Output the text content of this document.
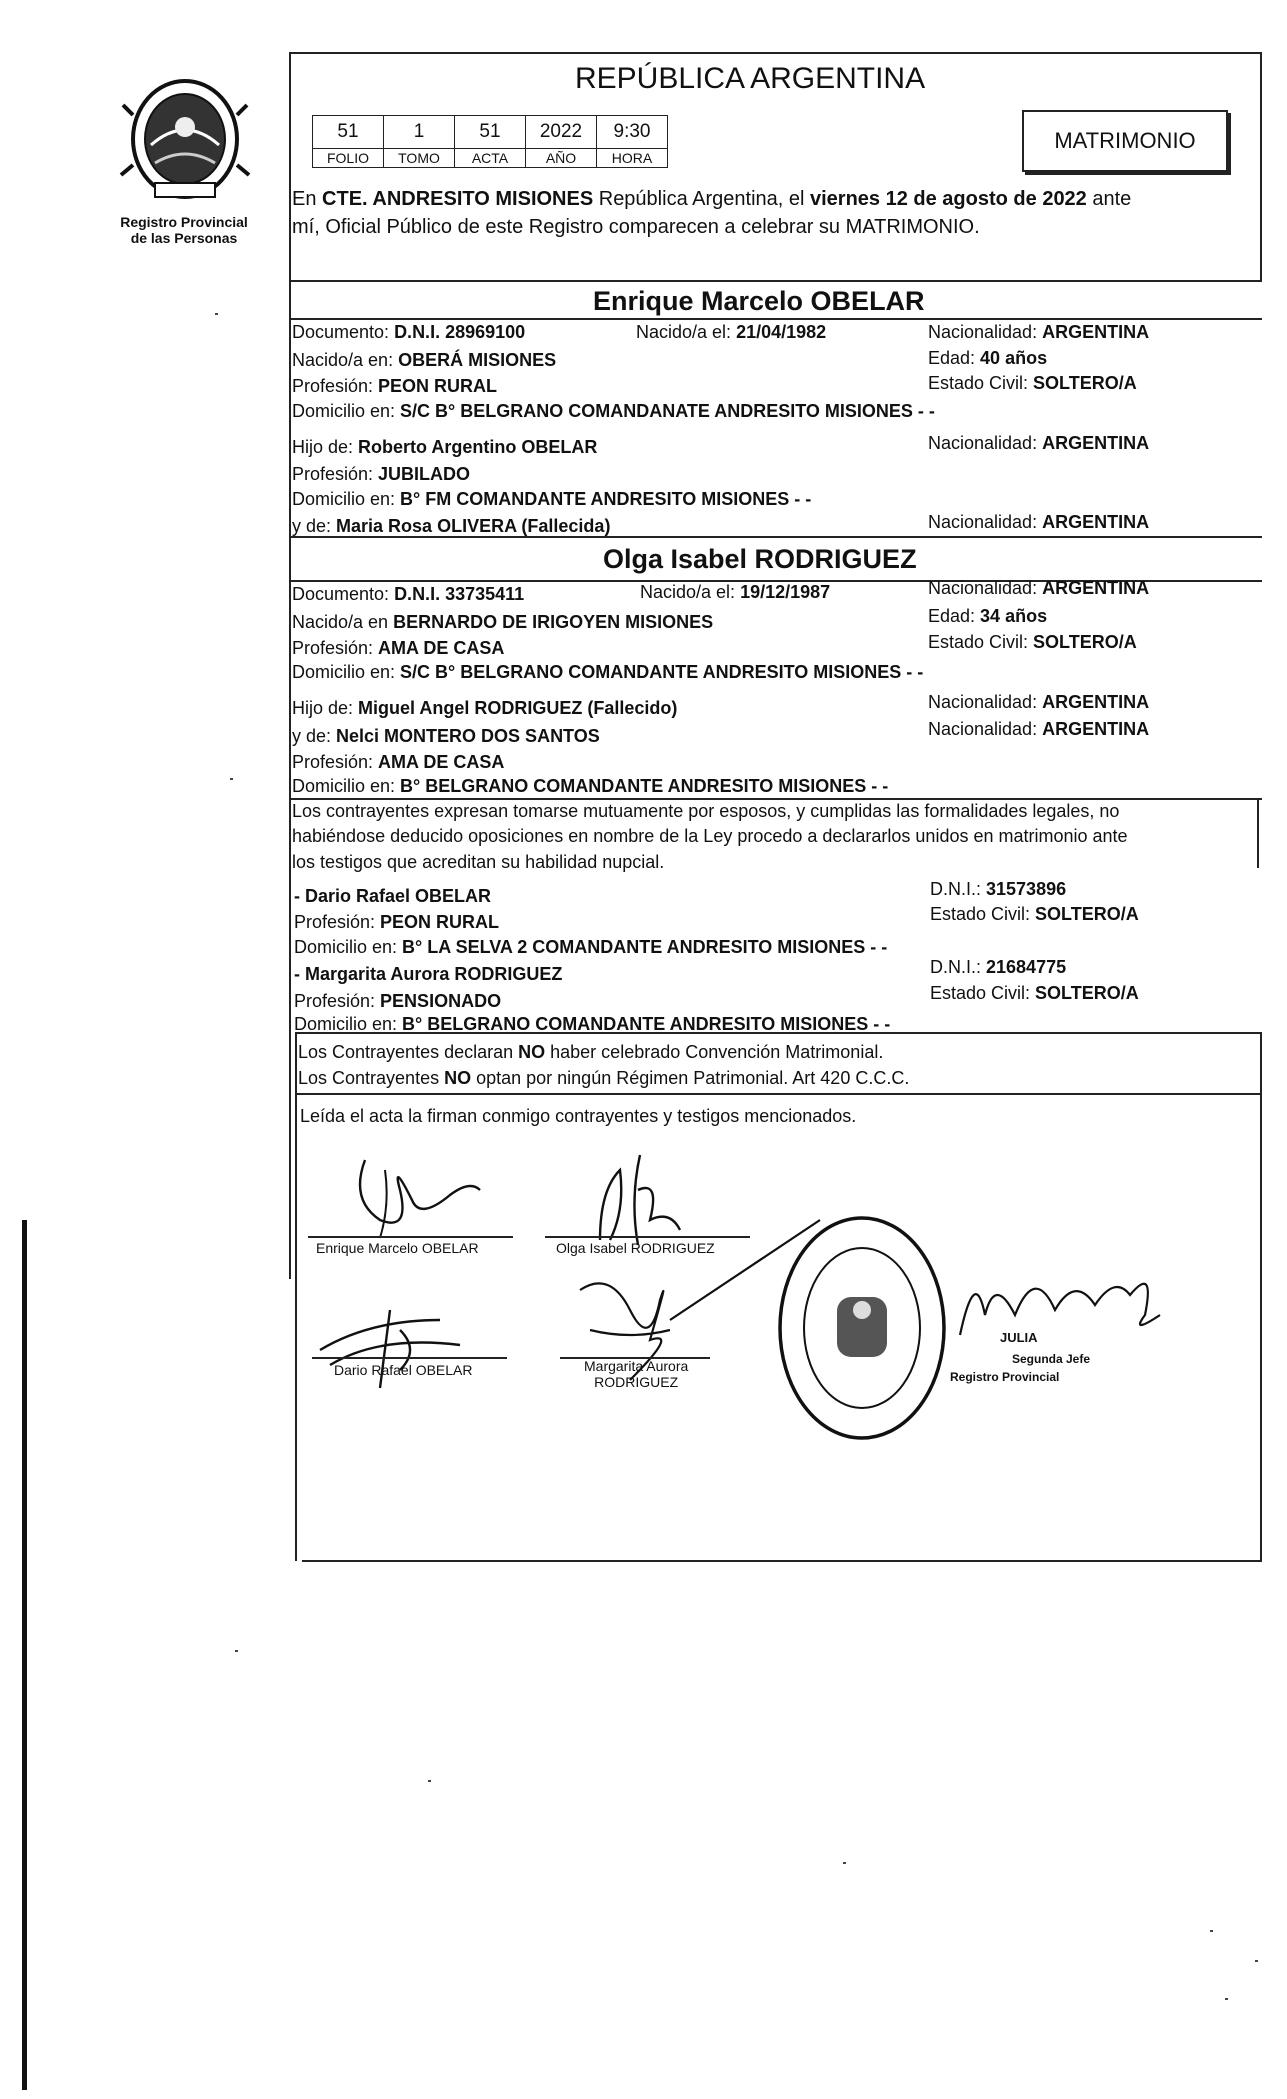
Registro Provincial
de las Personas
REPÚBLICA ARGENTINA
51	1	51	2022	9:30
FOLIO	TOMO	ACTA	AÑO	HORA
MATRIMONIO
En CTE. ANDRESITO MISIONES República Argentina, el viernes 12 de agosto de 2022 ante
mí, Oficial Público de este Registro comparecen a celebrar su MATRIMONIO.
Enrique Marcelo OBELAR
Documento: D.N.I. 28969100	Nacido/a el: 21/04/1982	Nacionalidad: ARGENTINA
Nacido/a en: OBERÁ MISIONES	Edad: 40 años
Profesión: PEON RURAL	Estado Civil: SOLTERO/A
Domicilio en: S/C B° BELGRANO COMANDANATE ANDRESITO MISIONES - -
Hijo de: Roberto Argentino OBELAR	Nacionalidad: ARGENTINA
Profesión: JUBILADO
Domicilio en: B° FM COMANDANTE ANDRESITO MISIONES - -
y de: Maria Rosa OLIVERA (Fallecida)	Nacionalidad: ARGENTINA
Olga Isabel RODRIGUEZ
Documento: D.N.I. 33735411	Nacido/a el: 19/12/1987	Nacionalidad: ARGENTINA
Nacido/a en BERNARDO DE IRIGOYEN MISIONES	Edad: 34 años
Profesión: AMA DE CASA	Estado Civil: SOLTERO/A
Domicilio en: S/C B° BELGRANO COMANDANTE ANDRESITO MISIONES - -
Hijo de: Miguel Angel RODRIGUEZ (Fallecido)	Nacionalidad: ARGENTINA
y de: Nelci MONTERO DOS SANTOS	Nacionalidad: ARGENTINA
Profesión: AMA DE CASA
Domicilio en: B° BELGRANO COMANDANTE ANDRESITO MISIONES - -
Los contrayentes expresan tomarse mutuamente por esposos, y cumplidas las formalidades legales, no
habiéndose deducido oposiciones en nombre de la Ley procedo a declararlos unidos en matrimonio ante
los testigos que acreditan su habilidad nupcial.
- Dario Rafael OBELAR	D.N.I.: 31573896
Profesión: PEON RURAL	Estado Civil: SOLTERO/A
Domicilio en: B° LA SELVA 2 COMANDANTE ANDRESITO MISIONES - -
- Margarita Aurora RODRIGUEZ	D.N.I.: 21684775
Profesión: PENSIONADO	Estado Civil: SOLTERO/A
Domicilio en: B° BELGRANO COMANDANTE ANDRESITO MISIONES - -
Los Contrayentes declaran NO haber celebrado Convención Matrimonial.
Los Contrayentes NO optan por ningún Régimen Patrimonial. Art 420 C.C.C.
Leída el acta la firman conmigo contrayentes y testigos mencionados.
Enrique Marcelo OBELAR	Olga Isabel RODRIGUEZ
Dario Rafael OBELAR	Margarita Aurora
RODRIGUEZ
JULIA
Segunda Jefe
Registro Provincial
